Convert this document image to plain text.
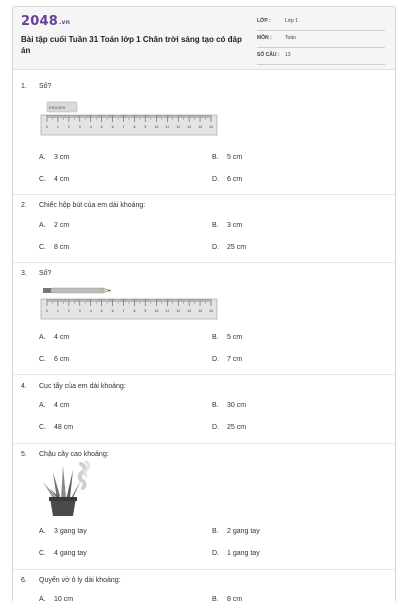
2048.vn
Bài tập cuối Tuần 31 Toán lớp 1 Chân trời sáng tạo có đáp án
LỚP :	Lớp 1
MÔN :	Toán
SỐ CÂU : 13
1. Số?
ERASER
0 1 2 3 4 5 6 7 8 9 10 11 12 13 14 15
A. 3 cm	B. 5 cm
C. 4 cm	D. 6 cm
2. Chiếc hộp bút của em dài khoảng:
A. 2 cm	B. 3 cm
C. 8 cm	D. 25 cm
3. Số?
0 1 2 3 4 5 6 7 8 9 10 11 12 13 14 15
A. 4 cm	B. 5 cm
C. 6 cm	D. 7 cm
4. Cục tẩy của em dài khoảng:
A. 4 cm	B. 30 cm
C. 48 cm	D. 25 cm
5. Chậu cây cao khoảng:
A. 3 gang tay	B. 2 gang tay
C. 4 gang tay	D. 1 gang tay
6. Quyển vở ô ly dài khoảng:
A. 10 cm	B. 8 cm
